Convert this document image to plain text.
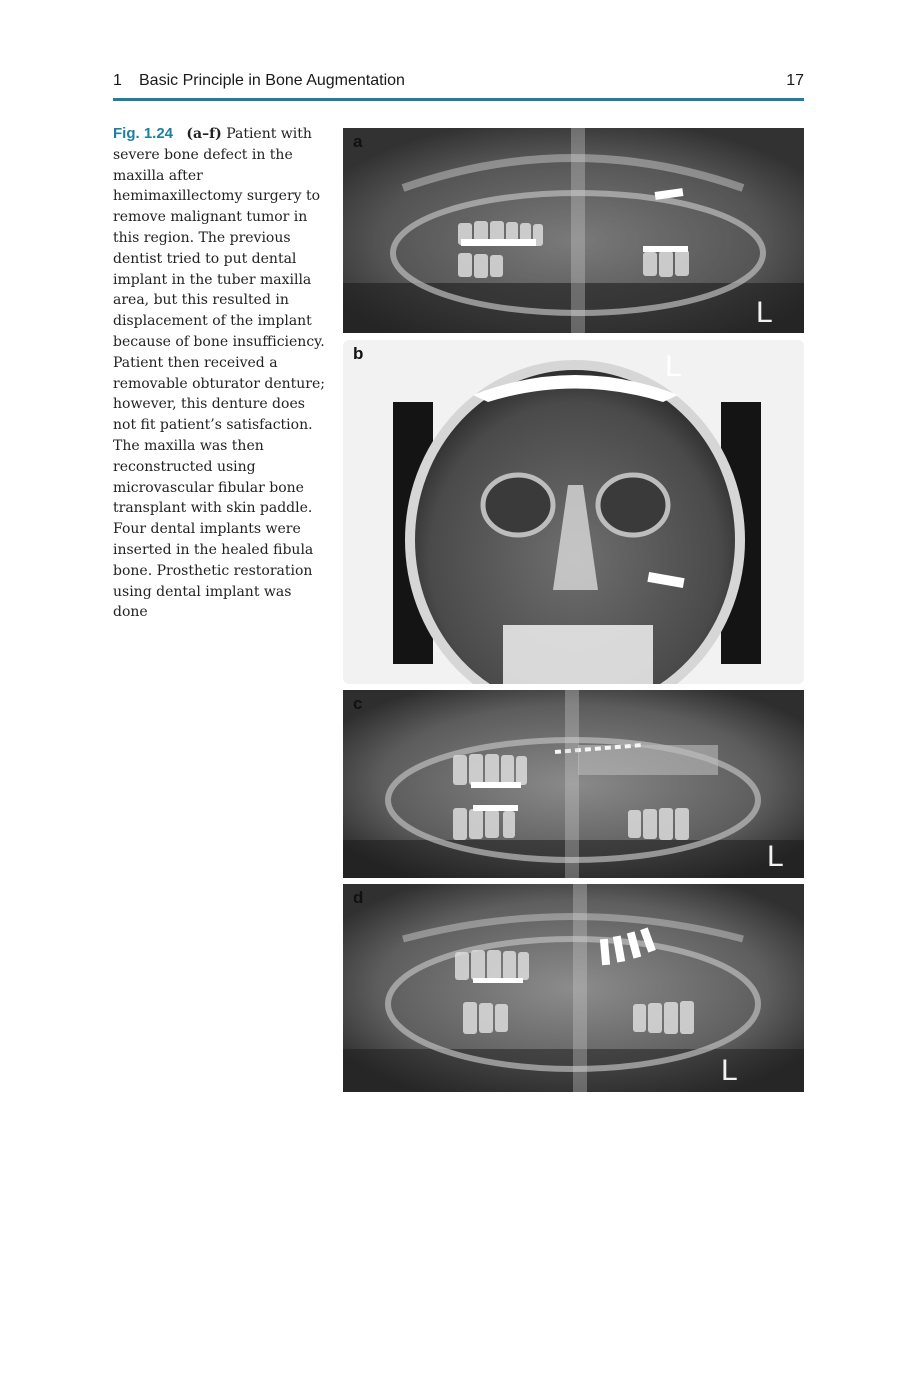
1 Basic Principle in Bone Augmentation	17
Fig. 1.24 (a–f) Patient with severe bone defect in the maxilla after hemimaxillectomy surgery to remove malignant tumor in this region. The previous dentist tried to put dental implant in the tuber maxilla area, but this resulted in displacement of the implant because of bone insufficiency. Patient then received a removable obturator denture; however, this denture does not fit patient’s satisfaction. The maxilla was then reconstructed using microvascular fibular bone transplant with skin paddle. Four dental implants were inserted in the healed fibula bone. Prosthetic restoration using dental implant was done
a
L
b	L
c
L
d
L
